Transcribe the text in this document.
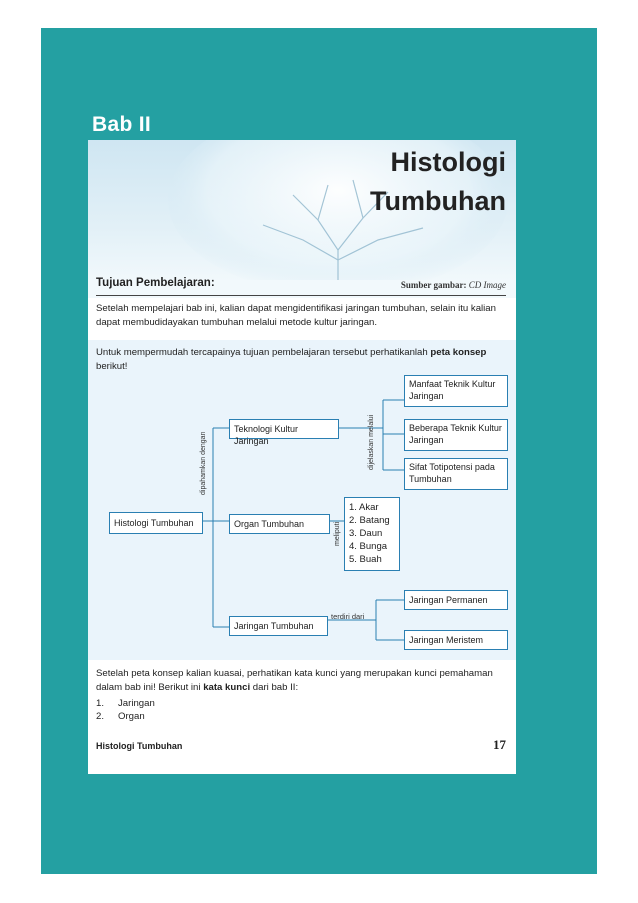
Bab II
Histologi
Tumbuhan
Tujuan Pembelajaran:	Sumber gambar: CD Image
Setelah mempelajari bab ini, kalian dapat mengidentifikasi jaringan tumbuhan, selain itu kalian dapat membudidayakan tumbuhan melalui metode kultur jaringan.
Untuk mempermudah tercapainya tujuan pembelajaran tersebut perhatikanlah peta konsep berikut!
Histologi Tumbuhan
dipahamkan dengan
Teknologi Kultur Jaringan	dijelaskan melalui
Manfaat Teknik Kultur Jaringan
Beberapa Teknik Kultur Jaringan
Sifat Totipotensi pada Tumbuhan
Organ Tumbuhan	meliputi
1. Akar
2. Batang
3. Daun
4. Bunga
5. Buah
Jaringan Tumbuhan
terdiri dari
Jaringan Permanen
Jaringan Meristem
Setelah peta konsep kalian kuasai, perhatikan kata kunci yang merupakan kunci pemahaman dalam bab ini! Berikut ini kata kunci dari bab II:
1. Jaringan
2. Organ
Histologi Tumbuhan	17
